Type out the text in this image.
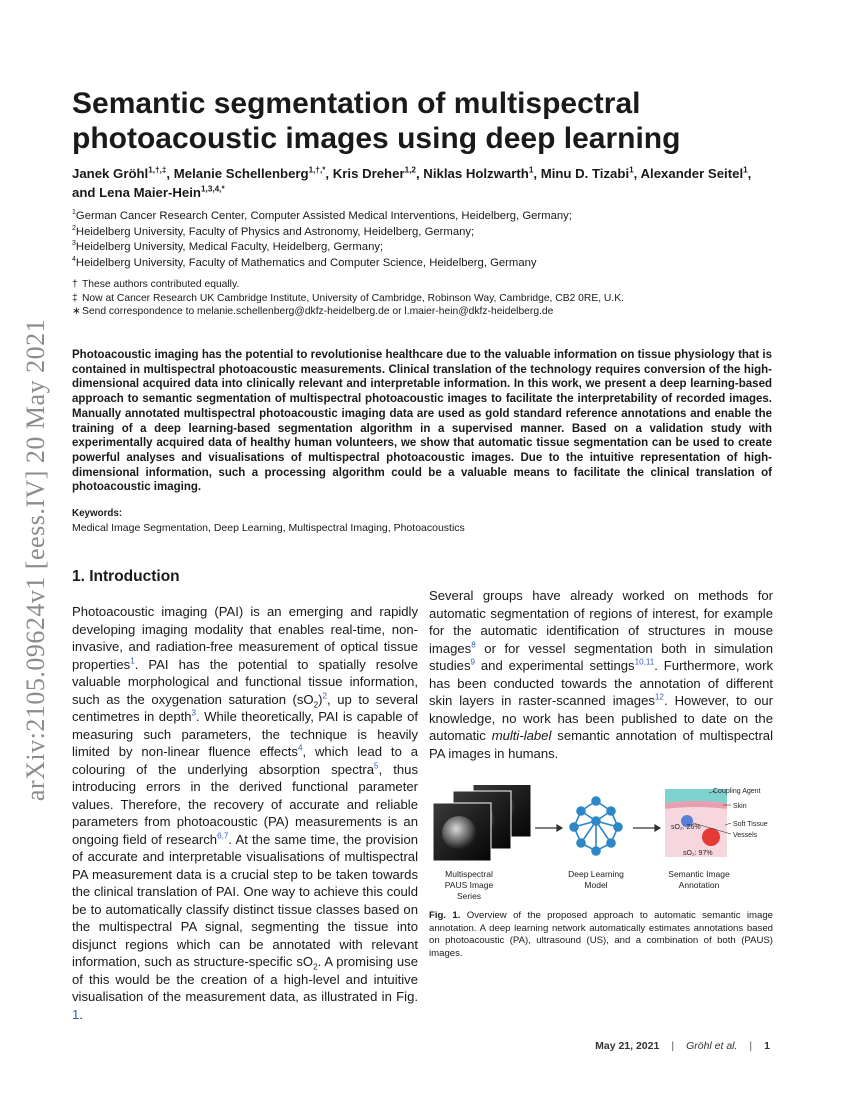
arXiv:2105.09624v1 [eess.IV] 20 May 2021
Semantic segmentation of multispectral
photoacoustic images using deep learning
Janek Gröhl$^{1,\dagger,\ddagger}$, Melanie Schellenberg$^{1,\dagger,*}$, Kris Dreher$^{1,2}$, Niklas Holzwarth$^1$, Minu D. Tizabi$^1$, Alexander Seitel$^1$,
and Lena Maier-Hein$^{1,3,4,*}$
$^1$German Cancer Research Center, Computer Assisted Medical Interventions, Heidelberg, Germany;
$^2$Heidelberg University, Faculty of Physics and Astronomy, Heidelberg, Germany;
$^3$Heidelberg University, Medical Faculty, Heidelberg, Germany;
$^4$Heidelberg University, Faculty of Mathematics and Computer Science, Heidelberg, Germany
† These authors contributed equally.
‡ Now at Cancer Research UK Cambridge Institute, University of Cambridge, Robinson Way, Cambridge, CB2 0RE, U.K.
∗Send correspondence to melanie.schellenberg@dkfz-heidelberg.de or l.maier-hein@dkfz-heidelberg.de

Photoacoustic imaging has the potential to revolutionise healthcare due to the valuable information on tissue physiology that is contained in multispectral photoacoustic measurements. Clinical translation of the technology requires conversion of the high-dimensional acquired data into clinically relevant and interpretable information. In this work, we present a deep learning-based approach to semantic segmentation of multispectral photoacoustic images to facilitate the interpretability of recorded images. Manually annotated multispectral photoacoustic imaging data are used as gold standard reference annotations and enable the training of a deep learning-based segmentation algorithm in a supervised manner. Based on a validation study with experimentally acquired data of healthy human volunteers, we show that automatic tissue segmentation can be used to create powerful analyses and visualisations of multispectral photoacoustic images. Due to the intuitive representation of high-dimensional information, such a processing algorithm could be a valuable means to facilitate the clinical translation of photoacoustic imaging.

Keywords:
Medical Image Segmentation, Deep Learning, Multispectral Imaging, Photoacoustics
1. Introduction

Photoacoustic imaging (PAI) is an emerging and rapidly developing imaging modality that enables real-time, non-invasive, and radiation-free measurement of optical tissue properties$^1$. PAI has the potential to spatially resolve valuable morphological and functional tissue information, such as the oxygenation saturation $(sO_2)^2$, up to several centimetres in depth$^3$. While theoretically, PAI is capable of measuring such parameters, the technique is heavily limited by non-linear fluence effects$^4$, which lead to a colouring of the underlying absorption spectra$^5$, thus introducing errors in the derived functional parameter values. Therefore, the recovery of accurate and reliable parameters from photoacoustic (PA) measurements is an ongoing field of research$^{6,7}$. At the same time, the provision of accurate and interpretable visualisations of multispectral PA measurement data is a crucial step to be taken towards the clinical translation of PAI. One way to achieve this could be to automatically classify distinct tissue classes based on the multispectral PA signal, segmenting the tissue into disjunct regions which can be annotated with relevant information, such as structure-specific $sO_2$. A promising use of this would be the creation of a high-level and intuitive visualisation of the measurement data, as illustrated in Fig. 1.

Several groups have already worked on methods for automatic segmentation of regions of interest, for example for the automatic identification of structures in mouse images$^8$ or for vessel segmentation both in simulation studies$^9$ and experimental settings$^{10,11}$. Furthermore, work has been conducted towards the annotation of different skin layers in raster-scanned images$^{12}$. However, to our knowledge, no work has been published to date on the automatic multi-label semantic annotation of multispectral PA images in humans.

Coupling Agent
Skin
Soft Tissue
Vessels
sO₂: 26%
sO₂: 97%
Multispectral
PAUS Image
Series
Deep Learning
Model
Semantic Image
Annotation
Fig. 1. Overview of the proposed approach to automatic semantic image annotation. A deep learning network automatically estimates annotations based on photoacoustic (PA), ultrasound (US), and a combination of both (PAUS) images.
May 21, 2021 | Gröhl et al. | 1
